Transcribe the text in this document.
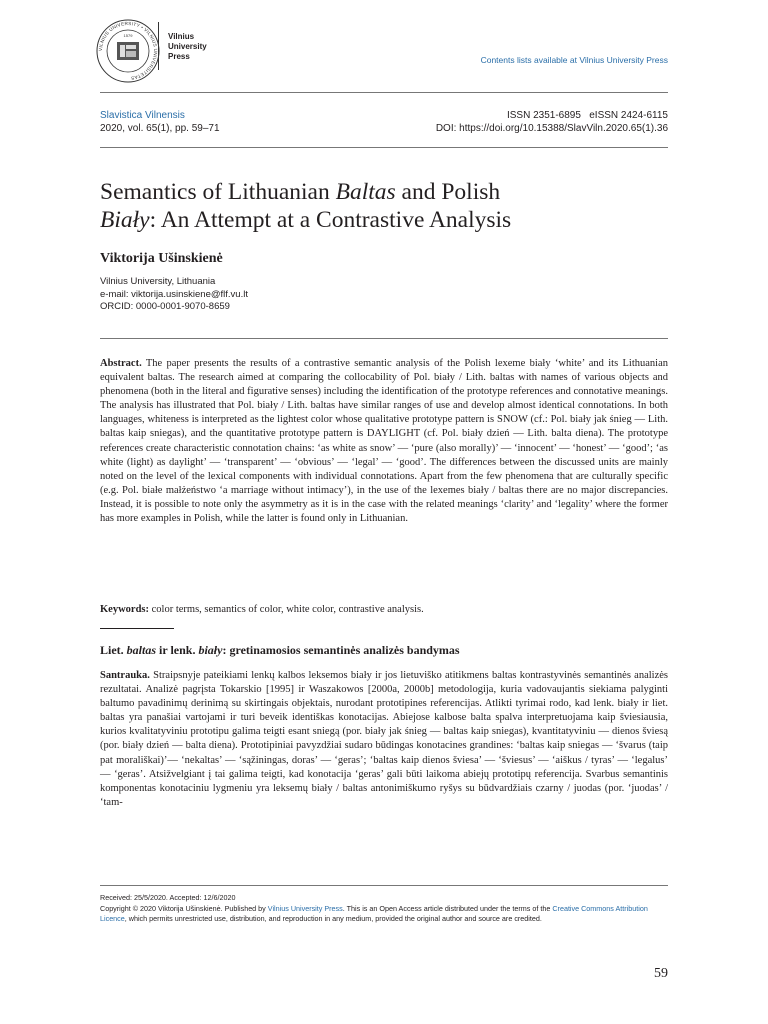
VILNIUS UNIVERSITY • VILNIUS UNIVERSITETAS
1579	Vilnius
University
Press	Contents lists available at Vilnius University Press
Slavistica Vilnensis
2020, vol. 65(1), pp. 59–71
ISSN 2351-6895   eISSN 2424-6115
DOI: https://doi.org/10.15388/SlavViln.2020.65(1).36
Semantics of Lithuanian Baltas and Polish
Biały: An Attempt at a Contrastive Analysis
Viktorija Ušinskienė
Vilnius University, Lithuania
e-mail: viktorija.usinskiene@flf.vu.lt
ORCID: 0000-0001-9070-8659
Abstract. The paper presents the results of a contrastive semantic analysis of the Polish lexeme biały ‘white’ and its Lithuanian equivalent baltas. The research aimed at comparing the collocability of Pol. biały / Lith. baltas with names of various objects and phenomena (both in the literal and figurative senses) including the identification of the prototype references and connotative meanings. The analysis has illustrated that Pol. biały / Lith. baltas have similar ranges of use and develop almost identical connotations. In both languages, whiteness is interpreted as the lightest color whose qualitative prototype pattern is SNOW (cf.: Pol. biały jak śnieg — Lith. baltas kaip sniegas), and the quantitative prototype pattern is DAYLIGHT (cf. Pol. biały dzień — Lith. balta diena). The prototype references create characteristic connotation chains: ‘as white as snow’ — ‘pure (also morally)’ — ‘innocent’ — ‘honest’ — ‘good’; ‘as white (light) as daylight’ — ‘transparent’ — ‘obvious’ — ‘legal’ — ‘good’. The differences between the discussed units are mainly noted on the level of the lexical components with individual connotations. Apart from the few phenomena that are culturally specific (e.g. Pol. białe małżeństwo ‘a marriage without intimacy’), in the use of the lexemes biały / baltas there are no major discrepancies. Instead, it is possible to note only the asymmetry as it is in the case with the related meanings ‘clarity’ and ‘legality’ where the former has more examples in Polish, while the latter is found only in Lithuanian.
Keywords: color terms, semantics of color, white color, contrastive analysis.
Liet. baltas ir lenk. biały: gretinamosios semantinės analizės bandymas
Santrauka. Straipsnyje pateikiami lenkų kalbos leksemos biały ir jos lietuviško atitikmens baltas kontrastyvinės semantinės analizės rezultatai. Analizė pagrįsta Tokarskio [1995] ir Waszakowos [2000a, 2000b] metodologija, kuria vadovaujantis siekiama palyginti baltumo pavadinimų derinimą su skirtingais objektais, nurodant prototipines referencijas. Atlikti tyrimai rodo, kad lenk. biały ir liet. baltas yra panašiai vartojami ir turi beveik identiškas konotacijas. Abiejose kalbose balta spalva interpretuojama kaip šviesiausia, kurios kvalitatyviniu prototipu galima teigti esant sniegą (por. biały jak śnieg — baltas kaip sniegas), kvantitatyviniu — dienos šviesą (por. biały dzień — balta diena). Prototipiniai pavyzdžiai sudaro būdingas konotacines grandines: ‘baltas kaip sniegas — ‘švarus (taip pat morališkai)’— ‘nekaltas’ — ‘sąžiningas, doras’ — ‘geras’; ‘baltas kaip dienos šviesa’ — ‘šviesus’ — ‘aiškus / tyras’ — ‘legalus’ — ‘geras’. Atsižvelgiant į tai galima teigti, kad konotacija ‘geras’ gali būti laikoma abiejų prototipų referencija. Svarbus semantinis komponentas konotaciniu lygmeniu yra leksemų biały / baltas antonimiškumo ryšys su būdvardžiais czarny / juodas (por. ‘juodas’ / ‘tam-
Received: 25/5/2020. Accepted: 12/6/2020
Copyright © 2020 Viktorija Ušinskienė. Published by Vilnius University Press. This is an Open Access article distributed under the terms of the Creative Commons Attribution Licence, which permits unrestricted use, distribution, and reproduction in any medium, provided the original author and source are credited.
59
